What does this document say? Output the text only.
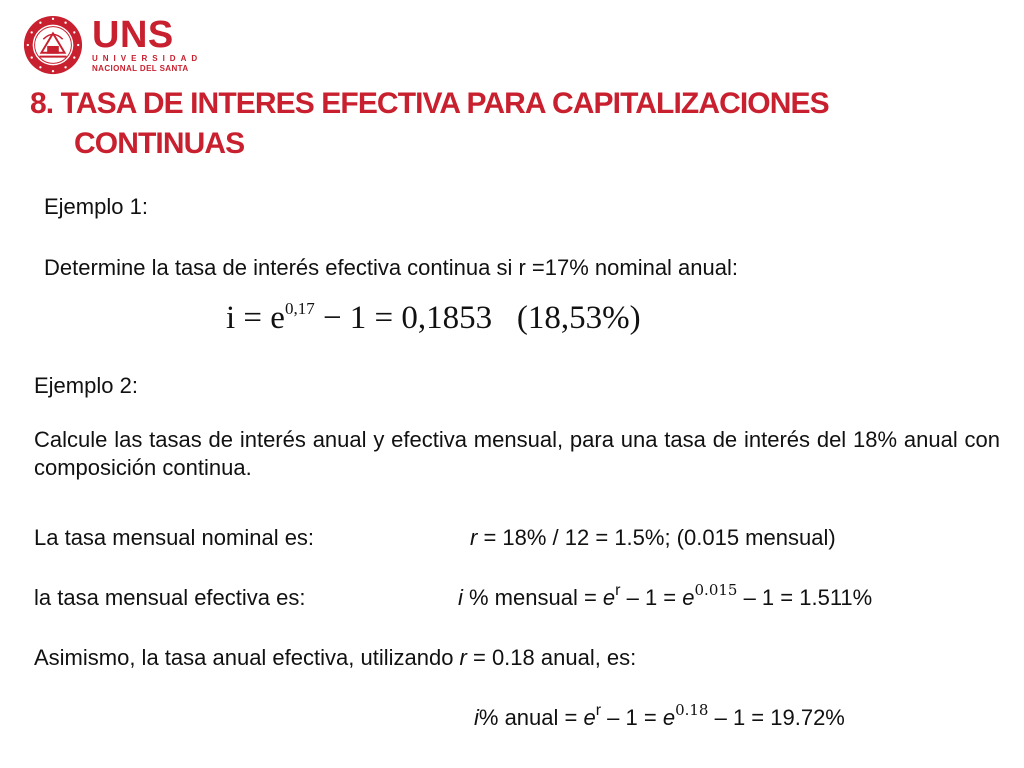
UNS
UNIVERSIDAD
NACIONAL DEL SANTA
8. TASA DE INTERES EFECTIVA PARA CAPITALIZACIONES
CONTINUAS

Ejemplo 1:

Determine la tasa de interés efectiva continua si r =17% nominal anual:

$i = e^{0,17} - 1 = 0,1853$   (18,53%)

Ejemplo 2:

Calcule las tasas de interés anual y efectiva mensual, para una tasa de interés del 18% anual con composición continua.

La tasa mensual nominal es:	r = 18% / 12 = 1.5%; (0.015 mensual)

la tasa mensual efectiva es:	i % mensual = $e^r - 1 = e^{0.015} - 1 = 1.511\%$

Asimismo, la tasa anual efectiva, utilizando r = 0.18 anual, es:

i% anual = $e^r - 1 = e^{0.18} - 1 = 19.72\%$
